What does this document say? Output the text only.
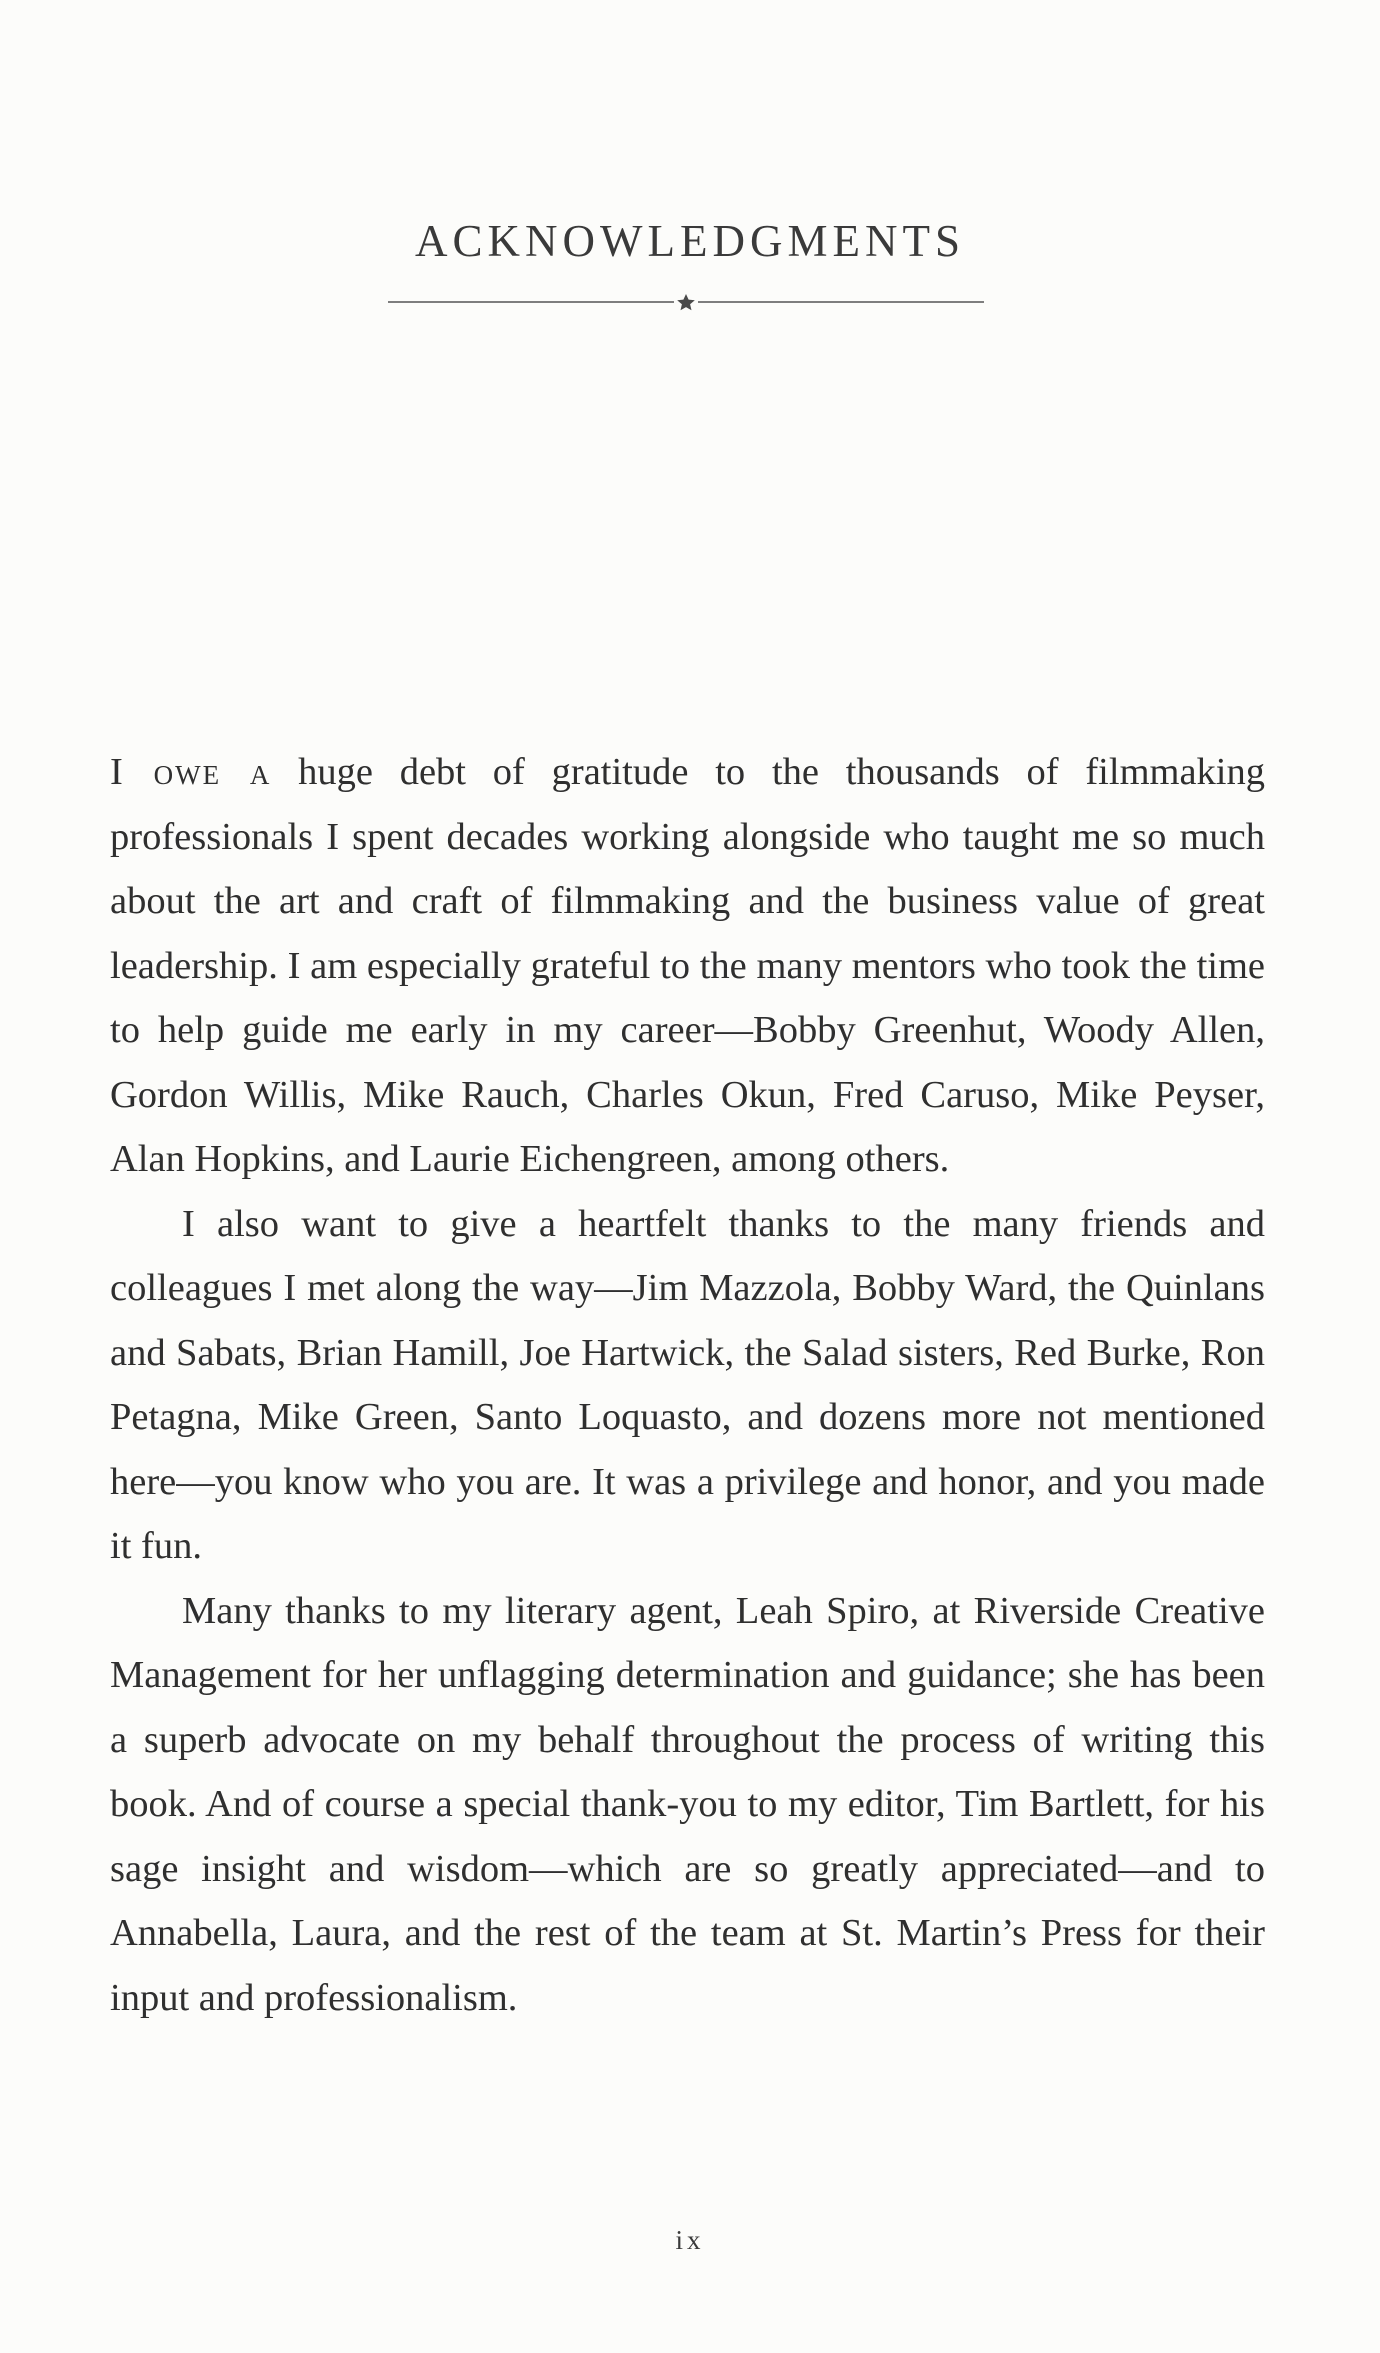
ACKNOWLEDGMENTS

I owe a huge debt of gratitude to the thousands of filmmaking professionals I spent decades working alongside who taught me so much about the art and craft of filmmaking and the business value of great leadership. I am especially grateful to the many mentors who took the time to help guide me early in my career—Bobby Greenhut, Woody Allen, Gordon Willis, Mike Rauch, Charles Okun, Fred Caruso, Mike Peyser, Alan Hopkins, and Laurie Eichengreen, among others.

I also want to give a heartfelt thanks to the many friends and colleagues I met along the way—Jim Mazzola, Bobby Ward, the Quinlans and Sabats, Brian Hamill, Joe Hartwick, the Salad sisters, Red Burke, Ron Petagna, Mike Green, Santo Loquasto, and dozens more not mentioned here—you know who you are. It was a privilege and honor, and you made it fun.

Many thanks to my literary agent, Leah Spiro, at Riverside Creative Management for her unflagging determination and guidance; she has been a superb advocate on my behalf throughout the process of writing this book. And of course a special thank-you to my editor, Tim Bartlett, for his sage insight and wisdom—which are so greatly appreciated—and to Annabella, Laura, and the rest of the team at St. Martin’s Press for their input and professionalism.

ix
